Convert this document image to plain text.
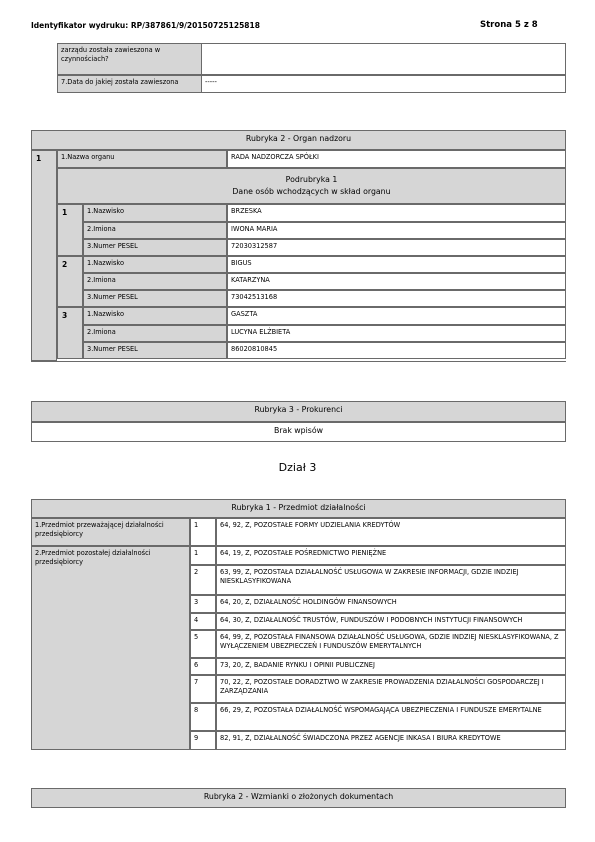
Identyfikator wydruku: RP/387861/9/20150725125818	Strona 5 z 8
zarządu została zawieszona w czynnościach?
7.Data do jakiej została zawieszona	-----
Rubryka 2 - Organ nadzoru
1	1.Nazwa organu	RADA NADZORCZA SPÓŁKI
Podrubryka 1
Dane osób wchodzących w skład organu
1	1.Nazwisko	BRZESKA
2.Imiona	IWONA MARIA
3.Numer PESEL	72030312587
2	1.Nazwisko	BIGUS
2.Imiona	KATARZYNA
3.Numer PESEL	73042513168
3	1.Nazwisko	GASZTA
2.Imiona	LUCYNA ELŻBIETA
3.Numer PESEL	86020810845
Rubryka 3 - Prokurenci
Brak wpisów
Dział 3
Rubryka 1 - Przedmiot działalności
1.Przedmiot przeważającej działalności przedsiębiorcy
1	64, 92, Z, POZOSTAŁE FORMY UDZIELANIA KREDYTÓW
2.Przedmiot pozostałej działalności przedsiębiorcy
1	64, 19, Z, POZOSTAŁE POŚREDNICTWO PIENIĘŻNE
2	63, 99, Z, POZOSTAŁA DZIAŁALNOŚĆ USŁUGOWA W ZAKRESIE INFORMACJI, GDZIE INDZIEJ NIESKLASYFIKOWANA
3	64, 20, Z, DZIAŁALNOŚĆ HOLDINGÓW FINANSOWYCH
4	64, 30, Z, DZIAŁALNOŚĆ TRUSTÓW, FUNDUSZÓW I PODOBNYCH INSTYTUCJI FINANSOWYCH
5	64, 99, Z, POZOSTAŁA FINANSOWA DZIAŁALNOŚĆ USŁUGOWA, GDZIE INDZIEJ NIESKLASYFIKOWANA, Z WYŁĄCZENIEM UBEZPIECZEŃ I FUNDUSZÓW EMERYTALNYCH
6	73, 20, Z, BADANIE RYNKU I OPINII PUBLICZNEJ
7	70, 22, Z, POZOSTAŁE DORADZTWO W ZAKRESIE PROWADZENIA DZIAŁALNOŚCI GOSPODARCZEJ I ZARZĄDZANIA
8	66, 29, Z, POZOSTAŁA DZIAŁALNOŚĆ WSPOMAGAJĄCA UBEZPIECZENIA I FUNDUSZE EMERYTALNE
9	82, 91, Z, DZIAŁALNOŚĆ ŚWIADCZONA PRZEZ AGENCJE INKASA I BIURA KREDYTOWE
Rubryka 2 - Wzmianki o złożonych dokumentach
